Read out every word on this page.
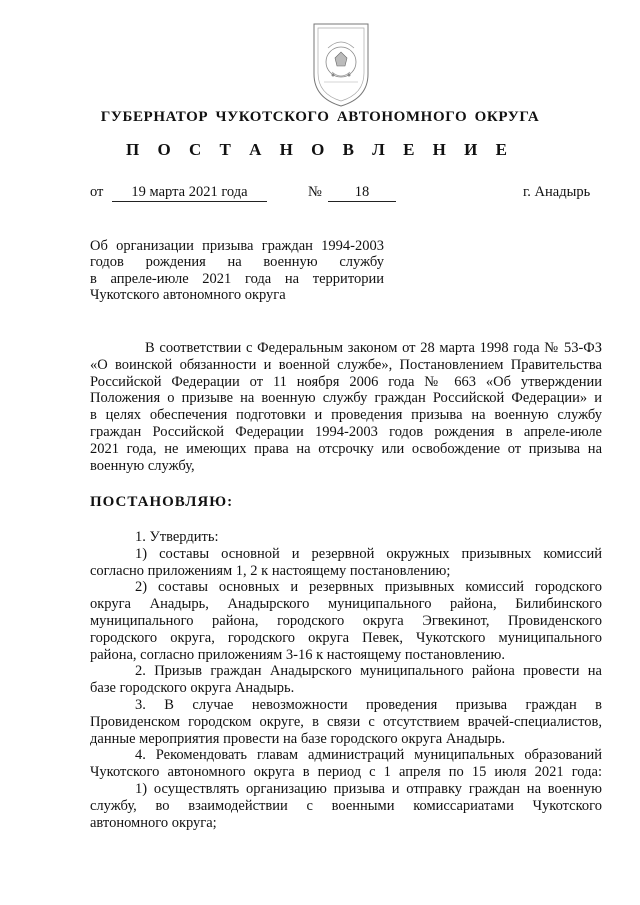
ГУБЕРНАТОР ЧУКОТСКОГО АВТОНОМНОГО ОКРУГА
П О С Т А Н О В Л Е Н И Е
от	19 марта 2021 года	№	18	г. Анадырь
Об организации призыва граждан 1994-2003
годов рождения на военную службу
в апреле-июле 2021 года на территории
Чукотского автономного округа
В соответствии с Федеральным законом от 28 марта 1998 года № 53-ФЗ
«О воинской обязанности и военной службе», Постановлением Правительства
Российской Федерации от 11 ноября 2006 года № 663 «Об утверждении
Положения о призыве на военную службу граждан Российской Федерации» и
в целях обеспечения подготовки и проведения призыва на военную службу
граждан Российской Федерации 1994-2003 годов рождения в апреле-июле
2021 года, не имеющих права на отсрочку или освобождение от призыва на
военную службу,
ПОСТАНОВЛЯЮ:
1. Утвердить:
1) составы основной и резервной окружных призывных комиссий
согласно приложениям 1, 2 к настоящему постановлению;
2) составы основных и резервных призывных комиссий городского
округа Анадырь, Анадырского муниципального района, Билибинского
муниципального района, городского округа Эгвекинот, Провиденского
городского округа, городского округа Певек, Чукотского муниципального
района, согласно приложениям 3-16 к настоящему постановлению.
2. Призыв граждан Анадырского муниципального района провести на
базе городского округа Анадырь.
3. В случае невозможности проведения призыва граждан в
Провиденском городском округе, в связи с отсутствием врачей-специалистов,
данные мероприятия провести на базе городского округа Анадырь.
4. Рекомендовать главам администраций муниципальных образований
Чукотского автономного округа в период с 1 апреля по 15 июля 2021 года:
1) осуществлять организацию призыва и отправку граждан на военную
службу, во взаимодействии с военными комиссариатами Чукотского
автономного округа;
